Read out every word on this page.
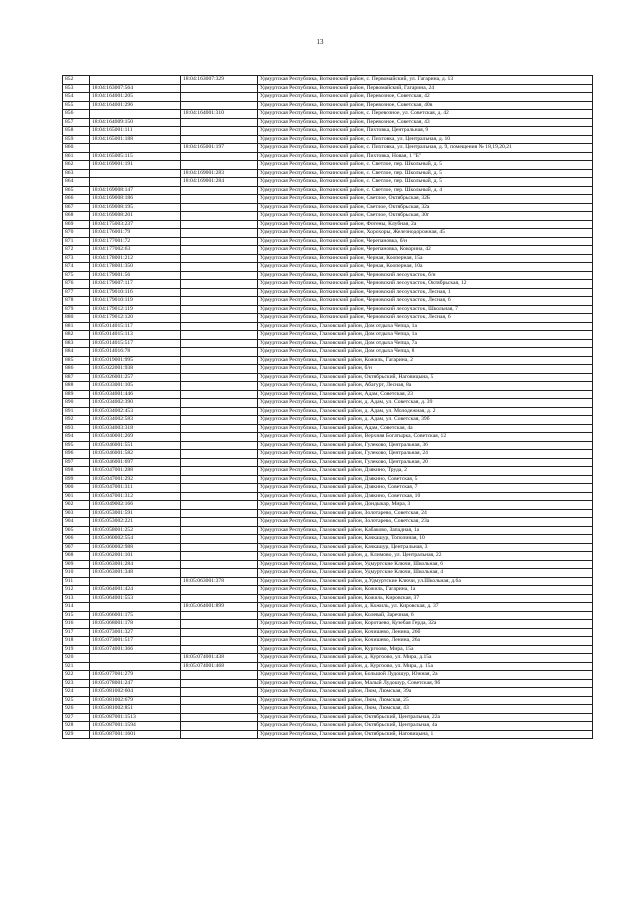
13
852		18:04:163007:329	Удмуртская Республика, Воткинский район, с. Первомайский, ул. Гагарина, д. 13
853	18:04:163007:564		Удмуртская Республика, Воткинский район, Первомайский, Гагарина, 24
854	18:04:164001:205		Удмуртская Республика, Воткинский район, Перевозное, Советская, 42
855	18:04:164001:296		Удмуртская Республика, Воткинский район, Перевозное, Советская, 40в
856		18:04:164001:310	Удмуртская Республика, Воткинский район, с. Перевозное, ул. Советская, д. 42
857	18:04:164009:150		Удмуртская Республика, Воткинский район, Перевозное, Советская, 43
858	18:04:165001:111		Удмуртская Республика, Воткинский район, Пихтовка, Центральная, 9
859	18:04:165001:188		Удмуртская Республика, Воткинский район, с. Пихтовка, ул. Центральная, д. 10
860		18:04:165001:197	Удмуртская Республика, Воткинский район, с. Пихтовка, ул. Центральная, д. 9, помещения № 18,19,20,21
861	18:04:165005:115		Удмуртская Республика, Воткинский район, Пихтовка, Новая, 1 "Б"
862	18:04:169001:191		Удмуртская Республика, Воткинский район, с. Светлое, пер. Школьный, д. 5
863		18:04:169001:283	Удмуртская Республика, Воткинский район, с. Светлое, пер. Школьный, д. 5
864		18:04:169001:284	Удмуртская Республика, Воткинский район, с. Светлое, пер. Школьный, д. 5
865	18:04:169008:147		Удмуртская Республика, Воткинский район, с. Светлое, пер. Школьный, д. 4
866	18:04:169008:186		Удмуртская Республика, Воткинский район, Светлое, Октябрьская, 32Б
867	18:04:169008:195		Удмуртская Республика, Воткинский район, Светлое, Октябрьская, 32а
868	18:04:169008:201		Удмуртская Республика, Воткинский район, Светлое, Октябрьская, 30г
869	18:04:175003:237		Удмуртская Республика, Воткинский район, Фотены, Клубная, 2а
870	18:04:176001:79		Удмуртская Республика, Воткинский район, Хорохоры, Железнодорожная, 45
871	18:04:177001:72		Удмуртская Республика, Воткинский район, Черепановка, б/н
872	18:04:177002:63		Удмуртская Республика, Воткинский район, Черепановка, Кокорина, 42
873	18:04:178001:212		Удмуртская Республика, Воткинский район, Черная, Кооперная, 15а
874	18:04:178001:350		Удмуртская Республика, Воткинский район, Черная, Кооперная, 10а
875	18:04:179001:56		Удмуртская Республика, Воткинский район, Черновский лесоучасток, б/н
876	18:04:179007:117		Удмуртская Республика, Воткинский район, Черновский лесоучасток, Октябрьская, 12
877	18:04:179010:116		Удмуртская Республика, Воткинский район, Черновский лесоучасток, Лесная, 1
878	18:04:179010:119		Удмуртская Республика, Воткинский район, Черновский лесоучасток, Лесная, 6
879	18:04:179012:119		Удмуртская Республика, Воткинский район, Черновский лесоучасток, Школьная, 7
880	18:04:179012:120		Удмуртская Республика, Воткинский район, Черновский лесоучасток, Лесная, 6
881	18:05:014015:117		Удмуртская Республика, Глазовский район, Дом отдыха Чепца, 1а
882	18:05:014015:113		Удмуртская Республика, Глазовский район, Дом отдыха Чепца, 1а
883	18:05:014015:517		Удмуртская Республика, Глазовский район, Дом отдыха Чепца, 7а
884	18:05:014016:78		Удмуртская Республика, Глазовский район, Дом отдыха Чепца, 8
885	18:05:019001:995		Удмуртская Республика, Глазовский район, Кожиль, Гагарина, 2
886	18:05:022001:938		Удмуртская Республика, Глазовский район, б/н
887	18:05:026001:257		Удмуртская Республика, Глазовский район, Октябрьский, Наговицына, 5
888	18:05:033001:105		Удмуртская Республика, Глазовский район, Абагурт, Лесная, 8а
889	18:05:034001:446		Удмуртская Республика, Глазовский район, Адам, Советская, 23
890	18:05:034002:390		Удмуртская Республика, Глазовский район, д. Адам, ул. Советская, д. 39
891	18:05:034002:453		Удмуртская Республика, Глазовский район, д. Адам, ул. Молодежная, д. 2
892	18:05:034002:583		Удмуртская Республика, Глазовский район, д. Адам, ул. Советская, 39б
893	18:05:034003:318		Удмуртская Республика, Глазовский район, Адам, Советская, 4а
894	18:05:040001:269		Удмуртская Республика, Глазовский район, Верхняя Богатырка, Советская, 12
895	18:05:046001:551		Удмуртская Республика, Глазовский район, Гулеково, Центральная, 36
896	18:05:046001:582		Удмуртская Республика, Глазовский район, Гулеково, Центральная, 24
897	18:05:046001:697		Удмуртская Республика, Глазовский район, Гулеково, Центральная, 20
898	18:05:047001:288		Удмуртская Республика, Глазовский район, Дзякино, Труда, 2
899	18:05:047001:292		Удмуртская Республика, Глазовский район, Дзякино, Советская, 5
900	18:05:047001:311		Удмуртская Республика, Глазовский район, Дзякино, Советская, 7
901	18:05:047001:312		Удмуртская Республика, Глазовский район, Дзякино, Советская, 10
902	18:05:049002:166		Удмуртская Республика, Глазовский район, Дондыкар, Мира, 3
903	18:05:053001:591		Удмуртская Республика, Глазовский район, Золотарево, Советская, 24
904	18:05:053002:221		Удмуртская Республика, Глазовский район, Золотарево, Советская, 23а
905	18:05:058001:252		Удмуртская Республика, Глазовский район, Кабаково, Западная, 1а
906	18:05:060002:554		Удмуртская Республика, Глазовский район, Качкашур, Тополиная, 10
907	18:05:060002:988		Удмуртская Республика, Глазовский район, Качкашур, Центральная, 3
908	18:05:062001:101		Удмуртская Республика, Глазовский район, д. Климово, ул. Центральная, 22
909	18:05:063001:284		Удмуртская Республика, Глазовский район, Удмуртские Ключи, Школьная, 6
910	18:05:063001:348		Удмуртская Республика, Глазовский район, Удмуртские Ключи, Школьная, 4
911		18:05:063001:378	Удмуртская Республика, Глазовский район, д.Удмуртские Ключи, ул.Школьная, д.6а
912	18:05:064001:424		Удмуртская Республика, Глазовский район, Кожиль, Гагарина, 1а
913	18:05:064001:553		Удмуртская Республика, Глазовский район, Кожиль, Кировская, 37
914		18:05:064001:899	Удмуртская Республика, Глазовский район, д. Кожиль, ул. Кировская, д. 37
915	18:05:066001:175		Удмуртская Республика, Глазовский район, Колевай, Заречная, 6
916	18:05:068001:178		Удмуртская Республика, Глазовский район, Коротаево, Кузебая Герда, 32а
917	18:05:073001:327		Удмуртская Республика, Глазовский район, Кочишево, Ленина, 26б
918	18:05:073001:517		Удмуртская Республика, Глазовский район, Кочишево, Ленина, 26а
919	18:05:074001:366		Удмуртская Республика, Глазовский район, Кургоово, Мира, 15а
920		18:05:074001:438	Удмуртская Республика, Глазовский район, д. Кургоово, ул. Мира, д.15а
921		18:05:074001:468	Удмуртская Республика, Глазовский район, д. Кургоово, ул. Мира, д. 15а
922	18:05:077001:279		Удмуртская Республика, Глазовский район, Большой Лудошур, Южная, 2а
923	18:05:078001:247		Удмуртская Республика, Глазовский район, Малый Лудошур, Советская, 9б
924	18:05:081002:604		Удмуртская Республика, Глазовский район, Люм, Люмская, 39а
925	18:05:081002:679		Удмуртская Республика, Глазовский район, Люм, Люмская, 25
926	18:05:081002:851		Удмуртская Республика, Глазовский район, Люм, Люмская, 43
927	18:05:087001:1513		Удмуртская Республика, Глазовский район, Октябрьский, Центральная, 22а
928	18:05:087001:1594		Удмуртская Республика, Глазовский район, Октябрьский, Центральная, 4а
929	18:05:087001:1601		Удмуртская Республика, Глазовский район, Октябрьский, Наговицына, 1
